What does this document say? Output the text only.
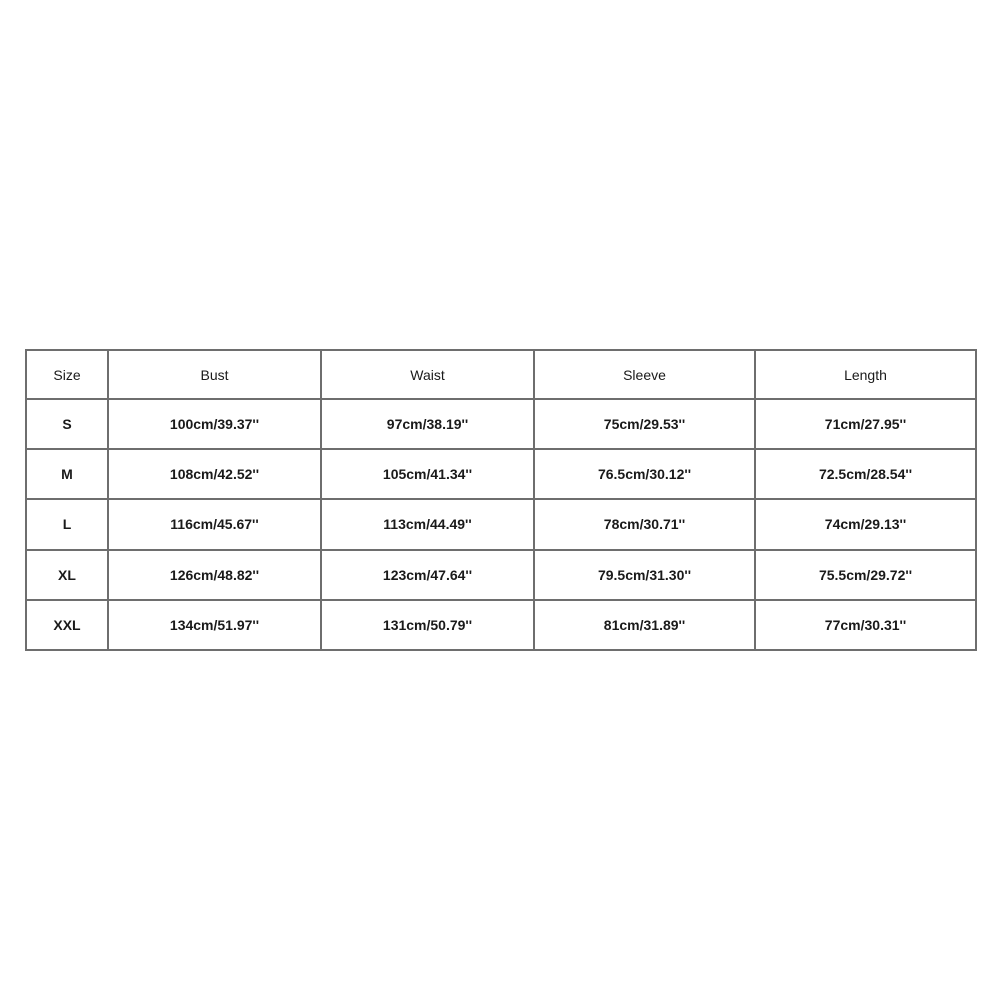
Size	Bust	Waist	Sleeve	Length
S	100cm/39.37''	97cm/38.19''	75cm/29.53''	71cm/27.95''
M	108cm/42.52''	105cm/41.34''	76.5cm/30.12''	72.5cm/28.54''
L	116cm/45.67''	113cm/44.49''	78cm/30.71''	74cm/29.13''
XL	126cm/48.82''	123cm/47.64''	79.5cm/31.30''	75.5cm/29.72''
XXL	134cm/51.97''	131cm/50.79''	81cm/31.89''	77cm/30.31''
